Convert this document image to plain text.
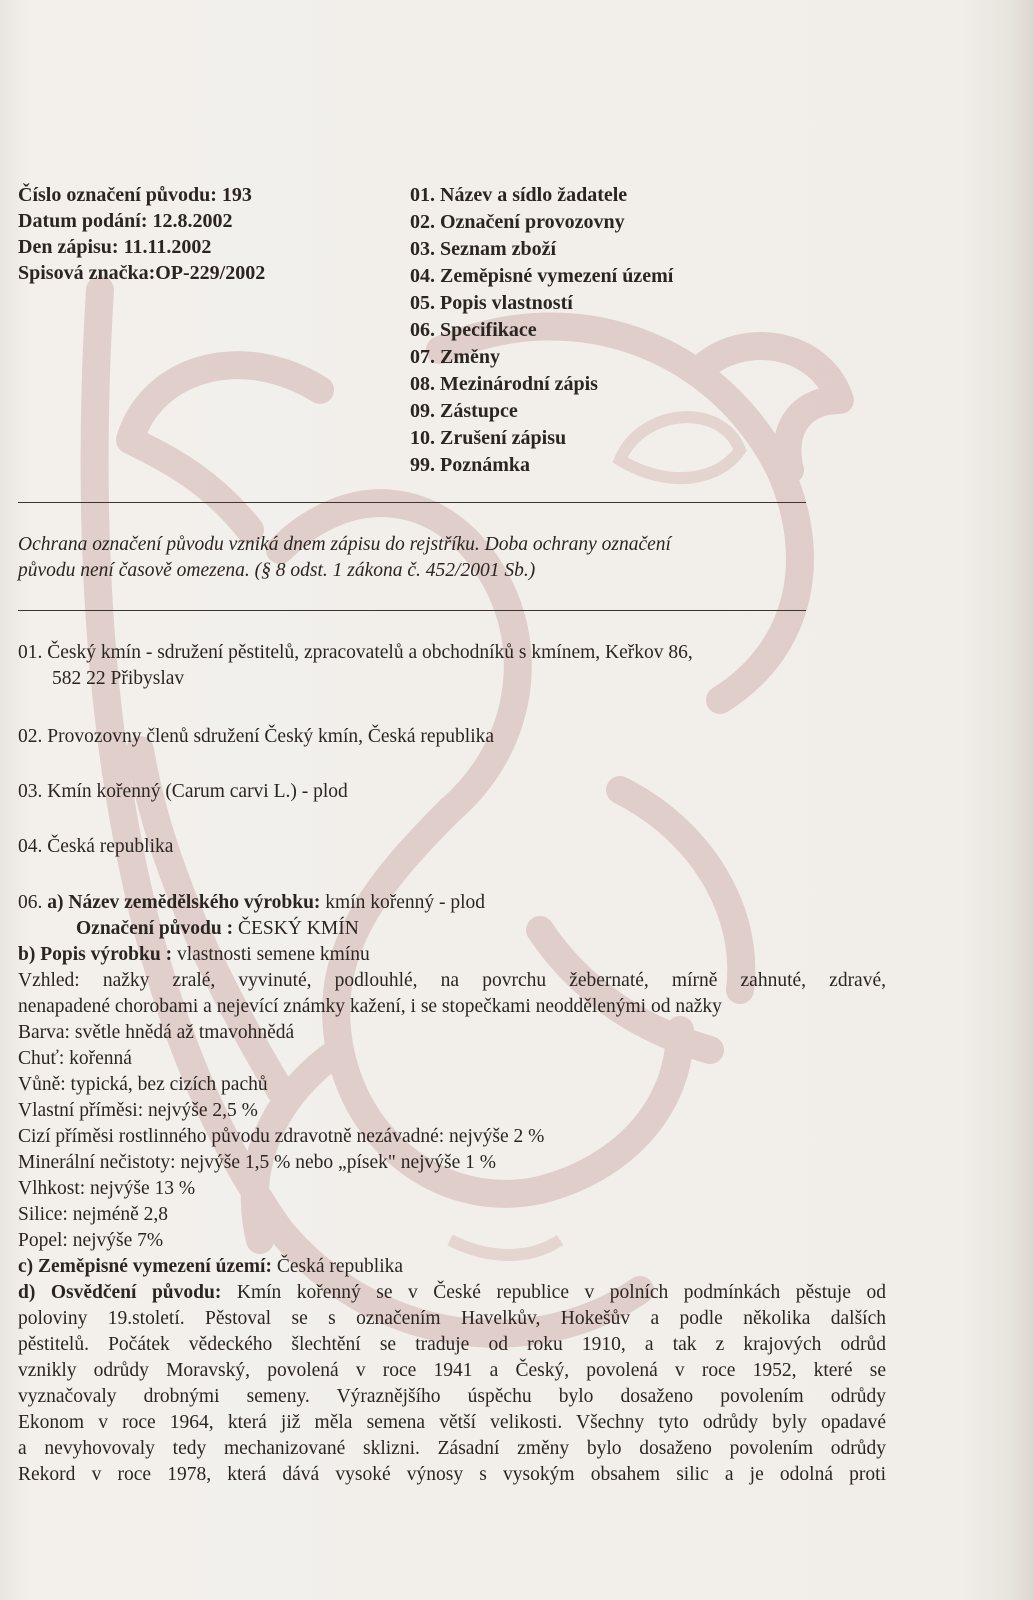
Číslo označení původu: 193
Datum podání: 12.8.2002
Den zápisu: 11.11.2002
Spisová značka:OP-229/2002
01. Název a sídlo žadatele
02. Označení provozovny
03. Seznam zboží
04. Zeměpisné vymezení území
05. Popis vlastností
06. Specifikace
07. Změny
08. Mezinárodní zápis
09. Zástupce
10. Zrušení zápisu
99. Poznámka
Ochrana označení původu vzniká dnem zápisu do rejstříku. Doba ochrany označení
původu není časově omezena. (§ 8 odst. 1 zákona č. 452/2001 Sb.)
01. Český kmín - sdružení pěstitelů, zpracovatelů a obchodníků s kmínem, Keřkov 86,
582 22 Přibyslav
02. Provozovny členů sdružení Český kmín, Česká republika
03. Kmín kořenný (Carum carvi L.) - plod
04. Česká republika
06. a) Název zemědělského výrobku: kmín kořenný - plod
Označení původu : ČESKÝ KMÍN
b) Popis výrobku : vlastnosti semene kmínu
Vzhled: nažky zralé, vyvinuté, podlouhlé, na povrchu žebernaté, mírně zahnuté, zdravé,
nenapadené chorobami a nejevící známky kažení, i se stopečkami neoddělenými od nažky
Barva: světle hnědá až tmavohnědá
Chuť: kořenná
Vůně: typická, bez cizích pachů
Vlastní příměsi: nejvýše 2,5 %
Cizí příměsi rostlinného původu zdravotně nezávadné: nejvýše 2 %
Minerální nečistoty: nejvýše 1,5 % nebo „písek" nejvýše 1 %
Vlhkost: nejvýše 13 %
Silice: nejméně 2,8
Popel: nejvýše 7%
c) Zeměpisné vymezení území: Česká republika
d) Osvědčení původu: Kmín kořenný se v České republice v polních podmínkách pěstuje od
poloviny 19.století. Pěstoval se s označením Havelkův, Hokešův a podle několika dalších
pěstitelů. Počátek vědeckého šlechtění se traduje od roku 1910, a tak z krajových odrůd
vznikly odrůdy Moravský, povolená v roce 1941 a Český, povolená v roce 1952, které se
vyznačovaly drobnými semeny. Výraznějšího úspěchu bylo dosaženo povolením odrůdy
Ekonom v roce 1964, která již měla semena větší velikosti. Všechny tyto odrůdy byly opadavé
a nevyhovovaly tedy mechanizované sklizni. Zásadní změny bylo dosaženo povolením odrůdy
Rekord v roce 1978, která dává vysoké výnosy s vysokým obsahem silic a je odolná proti
